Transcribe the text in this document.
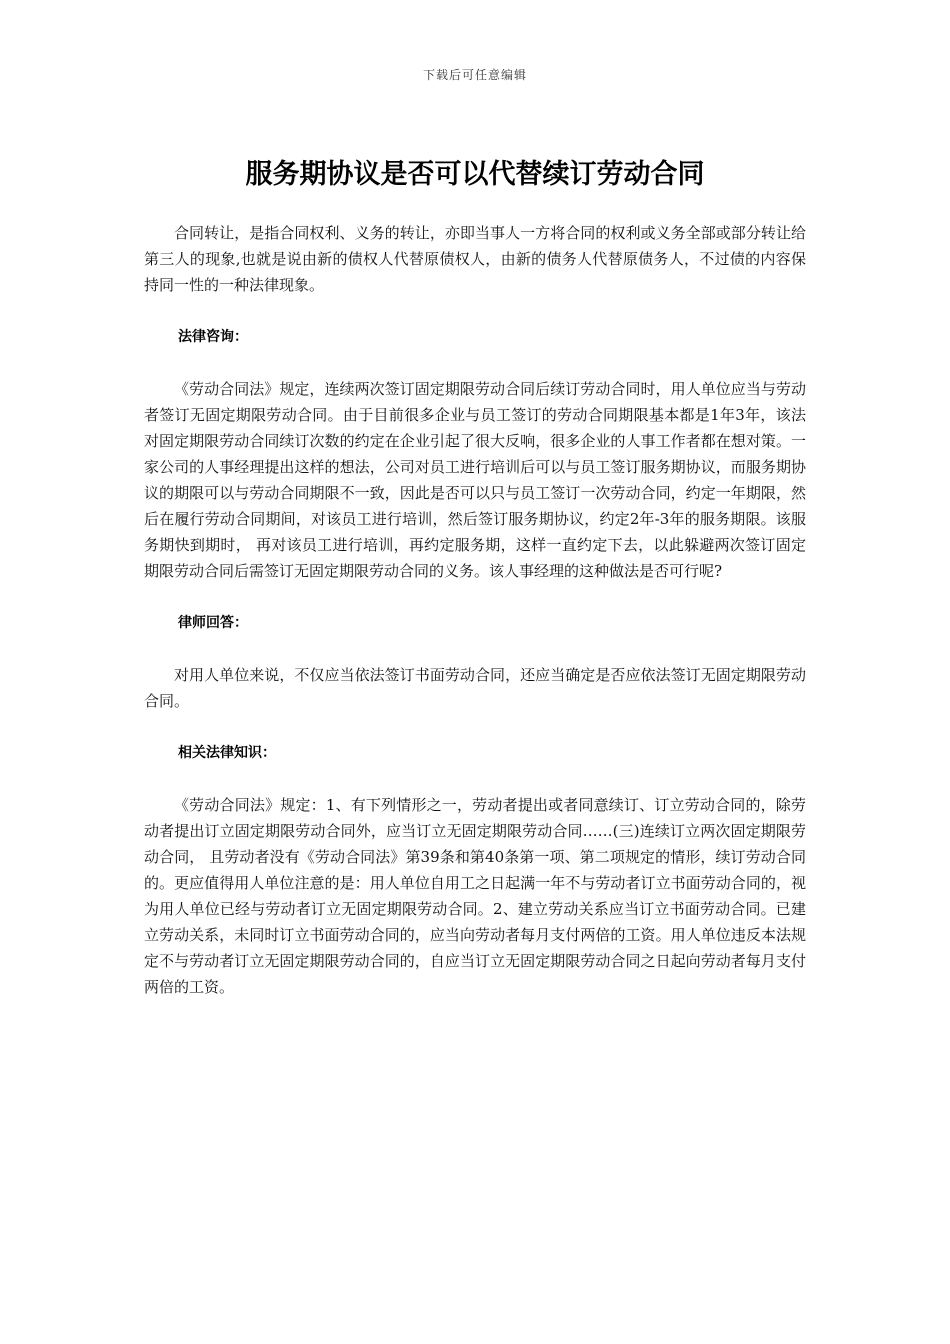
下载后可任意编辑
服务期协议是否可以代替续订劳动合同

合同转让，是指合同权利、义务的转让，亦即当事人一方将合同的权利或义务全部或部分转让给第三人的现象,也就是说由新的债权人代替原债权人，由新的债务人代替原债务人，不过债的内容保持同一性的一种法律现象。

法律咨询：

《劳动合同法》规定，连续两次签订固定期限劳动合同后续订劳动合同时，用人单位应当与劳动者签订无固定期限劳动合同。由于目前很多企业与员工签订的劳动合同期限基本都是1年3年，该法对固定期限劳动合同续订次数的约定在企业引起了很大反响，很多企业的人事工作者都在想对策。一家公司的人事经理提出这样的想法，公司对员工进行培训后可以与员工签订服务期协议，而服务期协议的期限可以与劳动合同期限不一致，因此是否可以只与员工签订一次劳动合同，约定一年期限，然后在履行劳动合同期间，对该员工进行培训，然后签订服务期协议，约定2年-3年的服务期限。该服务期快到期时， 再对该员工进行培训，再约定服务期，这样一直约定下去，以此躲避两次签订固定期限劳动合同后需签订无固定期限劳动合同的义务。该人事经理的这种做法是否可行呢?

律师回答：

对用人单位来说，不仅应当依法签订书面劳动合同，还应当确定是否应依法签订无固定期限劳动合同。

相关法律知识：

《劳动合同法》规定：1、有下列情形之一，劳动者提出或者同意续订、订立劳动合同的，除劳动者提出订立固定期限劳动合同外，应当订立无固定期限劳动合同……(三)连续订立两次固定期限劳动合同， 且劳动者没有《劳动合同法》第39条和第40条第一项、第二项规定的情形，续订劳动合同的。更应值得用人单位注意的是：用人单位自用工之日起满一年不与劳动者订立书面劳动合同的，视为用人单位已经与劳动者订立无固定期限劳动合同。2、建立劳动关系应当订立书面劳动合同。已建立劳动关系，未同时订立书面劳动合同的，应当向劳动者每月支付两倍的工资。用人单位违反本法规定不与劳动者订立无固定期限劳动合同的，自应当订立无固定期限劳动合同之日起向劳动者每月支付两倍的工资。
